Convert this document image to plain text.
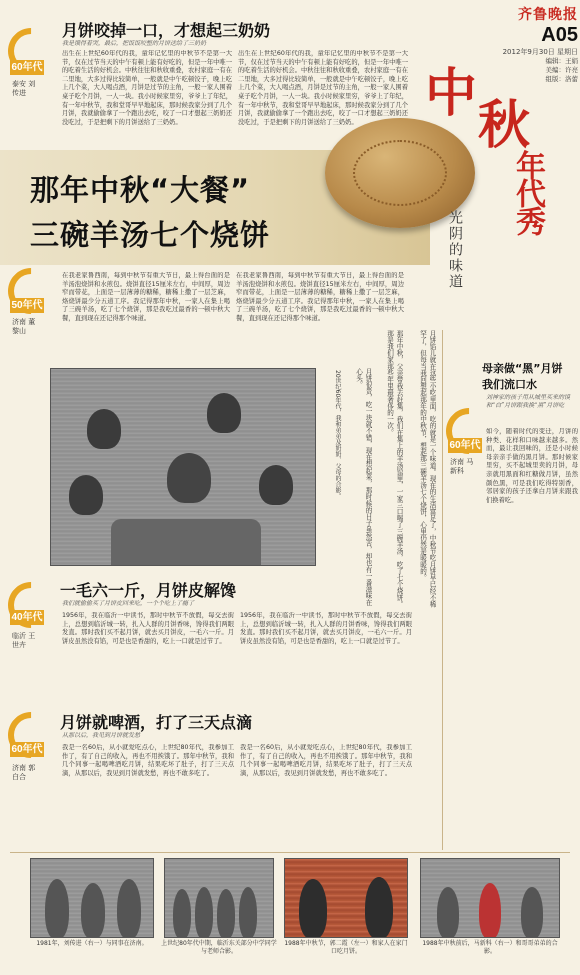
齐鲁晚报
A05
2012年9月30日 星期日
编辑：王娟
美编：许亮
组版：洛蕾
60年代
泰安 刘传进
月饼咬掉一口，才想起三奶奶
我是饿得着哭，最后，把饭饭咬整的月饼送给了三奶奶
出生在上世纪60年代的我，童年记忆里的中秋节不是第一大节，仅在过节当天的中午有顿上能有好吃的，但是一年中唯一的吃着生活的好机会。中秋往往和秋收重叠，农村家庭一有在二里地，大多过得比较简单，一般就是中午吃顿饺子，晚上吃上几个菜，大人喝点酒，月饼是过节的主角，一般一家人围着桌子吃个月饼，一人一块。我小时候家里穷，爷爷上了年纪，有一年中秋节，我和堂哥早早地起床，那时候我家分到了几个月饼，我就偷偷拿了一个跑出去吃，咬了一口才想起三奶奶还没吃过，于是把剩下的月饼送给了三奶奶。
出生在上世纪60年代的我，童年记忆里的中秋节不是第一大节，仅在过节当天的中午有顿上能有好吃的，但是一年中唯一的吃着生活的好机会。中秋往往和秋收重叠，农村家庭一有在二里地，大多过得比较简单，一般就是中午吃顿饺子，晚上吃上几个菜，大人喝点酒，月饼是过节的主角，一般一家人围着桌子吃个月饼，一人一块。我小时候家里穷，爷爷上了年纪，有一年中秋节，我和堂哥早早地起床，那时候我家分到了几个月饼，我就偷偷拿了一个跑出去吃，咬了一口才想起三奶奶还没吃过，于是把剩下的月饼送给了三奶奶。
那年中秋“大餐”
三碗羊汤七个烧饼
中
秋
年代秀
光阴的味道
50年代
济南 董黎山
在我老家鲁西南，每到中秋节有重大节日，最上得台面的是羊汤泡烧饼和水煎包。烧饼直径15厘米左右，中间厚，周边窄而带花，上面是一层薄薄的糖稀，糖稀上撒了一层芝麻，烙烧饼最少分五道工序。我记得那年中秋，一家人在集上喝了三碗羊汤，吃了七个烧饼，那是我吃过最香的一顿中秋大餐，直到现在还记得那个味道。
在我老家鲁西南，每到中秋节有重大节日，最上得台面的是羊汤泡烧饼和水煎包。烧饼直径15厘米左右，中间厚，周边窄而带花，上面是一层薄薄的糖稀，糖稀上撒了一层芝麻，烙烧饼最少分五道工序。我记得那年中秋，一家人在集上喝了三碗羊汤，吃了七个烧饼，那是我吃过最香的一顿中秋大餐，直到现在还记得那个味道。
月饼馅儿就在这些小吃里面，吃的就是一个味道。现在的生活富足了，中秋节吃月饼早已经不稀罕了，但每当我回想起那年的中秋节，想起那三碗羊汤七个烧饼，心里仍然是暖暖的。
那年中秋，父亲带我去赶集，我们在集上的羊汤馆里，一家三口喝了三碗羊汤，吃了七个烧饼。那是我们家那些年里最奢侈的一次。
月饼很贵，吃一块就不错，现在想起来，那时候的日子虽然苦，却也有一番滋味在心头。
20世纪60年代，我和弟弟及奶奶、父母的合影。
40年代
临沂 王世卉
一毛六一斤，月饼皮解馋
我们就偷偷买了月饼皮回来吃，一个个吃上了瘾了
1956年，我在临沂一中读书，那时中秋节不放假，每交去街上，总想到临沂城一转，扎入人群的月饼香味，馋得我们两眼发直。那时我们买不起月饼，就去买月饼皮，一毛六一斤。月饼皮虽然没有馅，可是也是香甜的，吃上一口就是过节了。
1956年，我在临沂一中读书，那时中秋节不放假，每交去街上，总想到临沂城一转，扎入人群的月饼香味，馋得我们两眼发直。那时我们买不起月饼，就去买月饼皮，一毛六一斤。月饼皮虽然没有馅，可是也是香甜的，吃上一口就是过节了。
60年代
济南 郭白合
月饼就啤酒，打了三天点滴
从那以后，我见到月饼就发愁
我是一名60后，从小就爱吃点心，上世纪80年代，我参加工作了，有了自己的收入，再也不用挨饿了。那年中秋节，我和几个同事一起喝啤酒吃月饼，结果吃坏了肚子，打了三天点滴，从那以后，我见到月饼就发愁，再也不敢多吃了。
我是一名60后，从小就爱吃点心，上世纪80年代，我参加工作了，有了自己的收入，再也不用挨饿了。那年中秋节，我和几个同事一起喝啤酒吃月饼，结果吃坏了肚子，打了三天点滴，从那以后，我见到月饼就发愁，再也不敢多吃了。
母亲做“黑”月饼 我们流口水
60年代
济南 马新科
刘神家的孩子用从城里买来的馍和“白”月饼跟我换“黑”月饼吃
如今，随着时代的变迁，月饼的种类、花样和口味越来越多。然而，最让我回味的，还是小时候母亲亲手做的黑月饼。那时候家里穷，买不起城里卖的月饼，母亲就用黑面和红糖做月饼，虽然颜色黑，可是我们吃得特别香，邻居家的孩子还拿白月饼来跟我们换着吃。
1981年，刘传进（右一）与同事在济南。	上世纪80年代中期，临沂东关部分中学同学与老师合影。
1988年中秋节，郭二霞（左一）和家人在家门口吃月饼。
1988年中秋前后，马新科（右一）和哥哥弟弟的合影。
